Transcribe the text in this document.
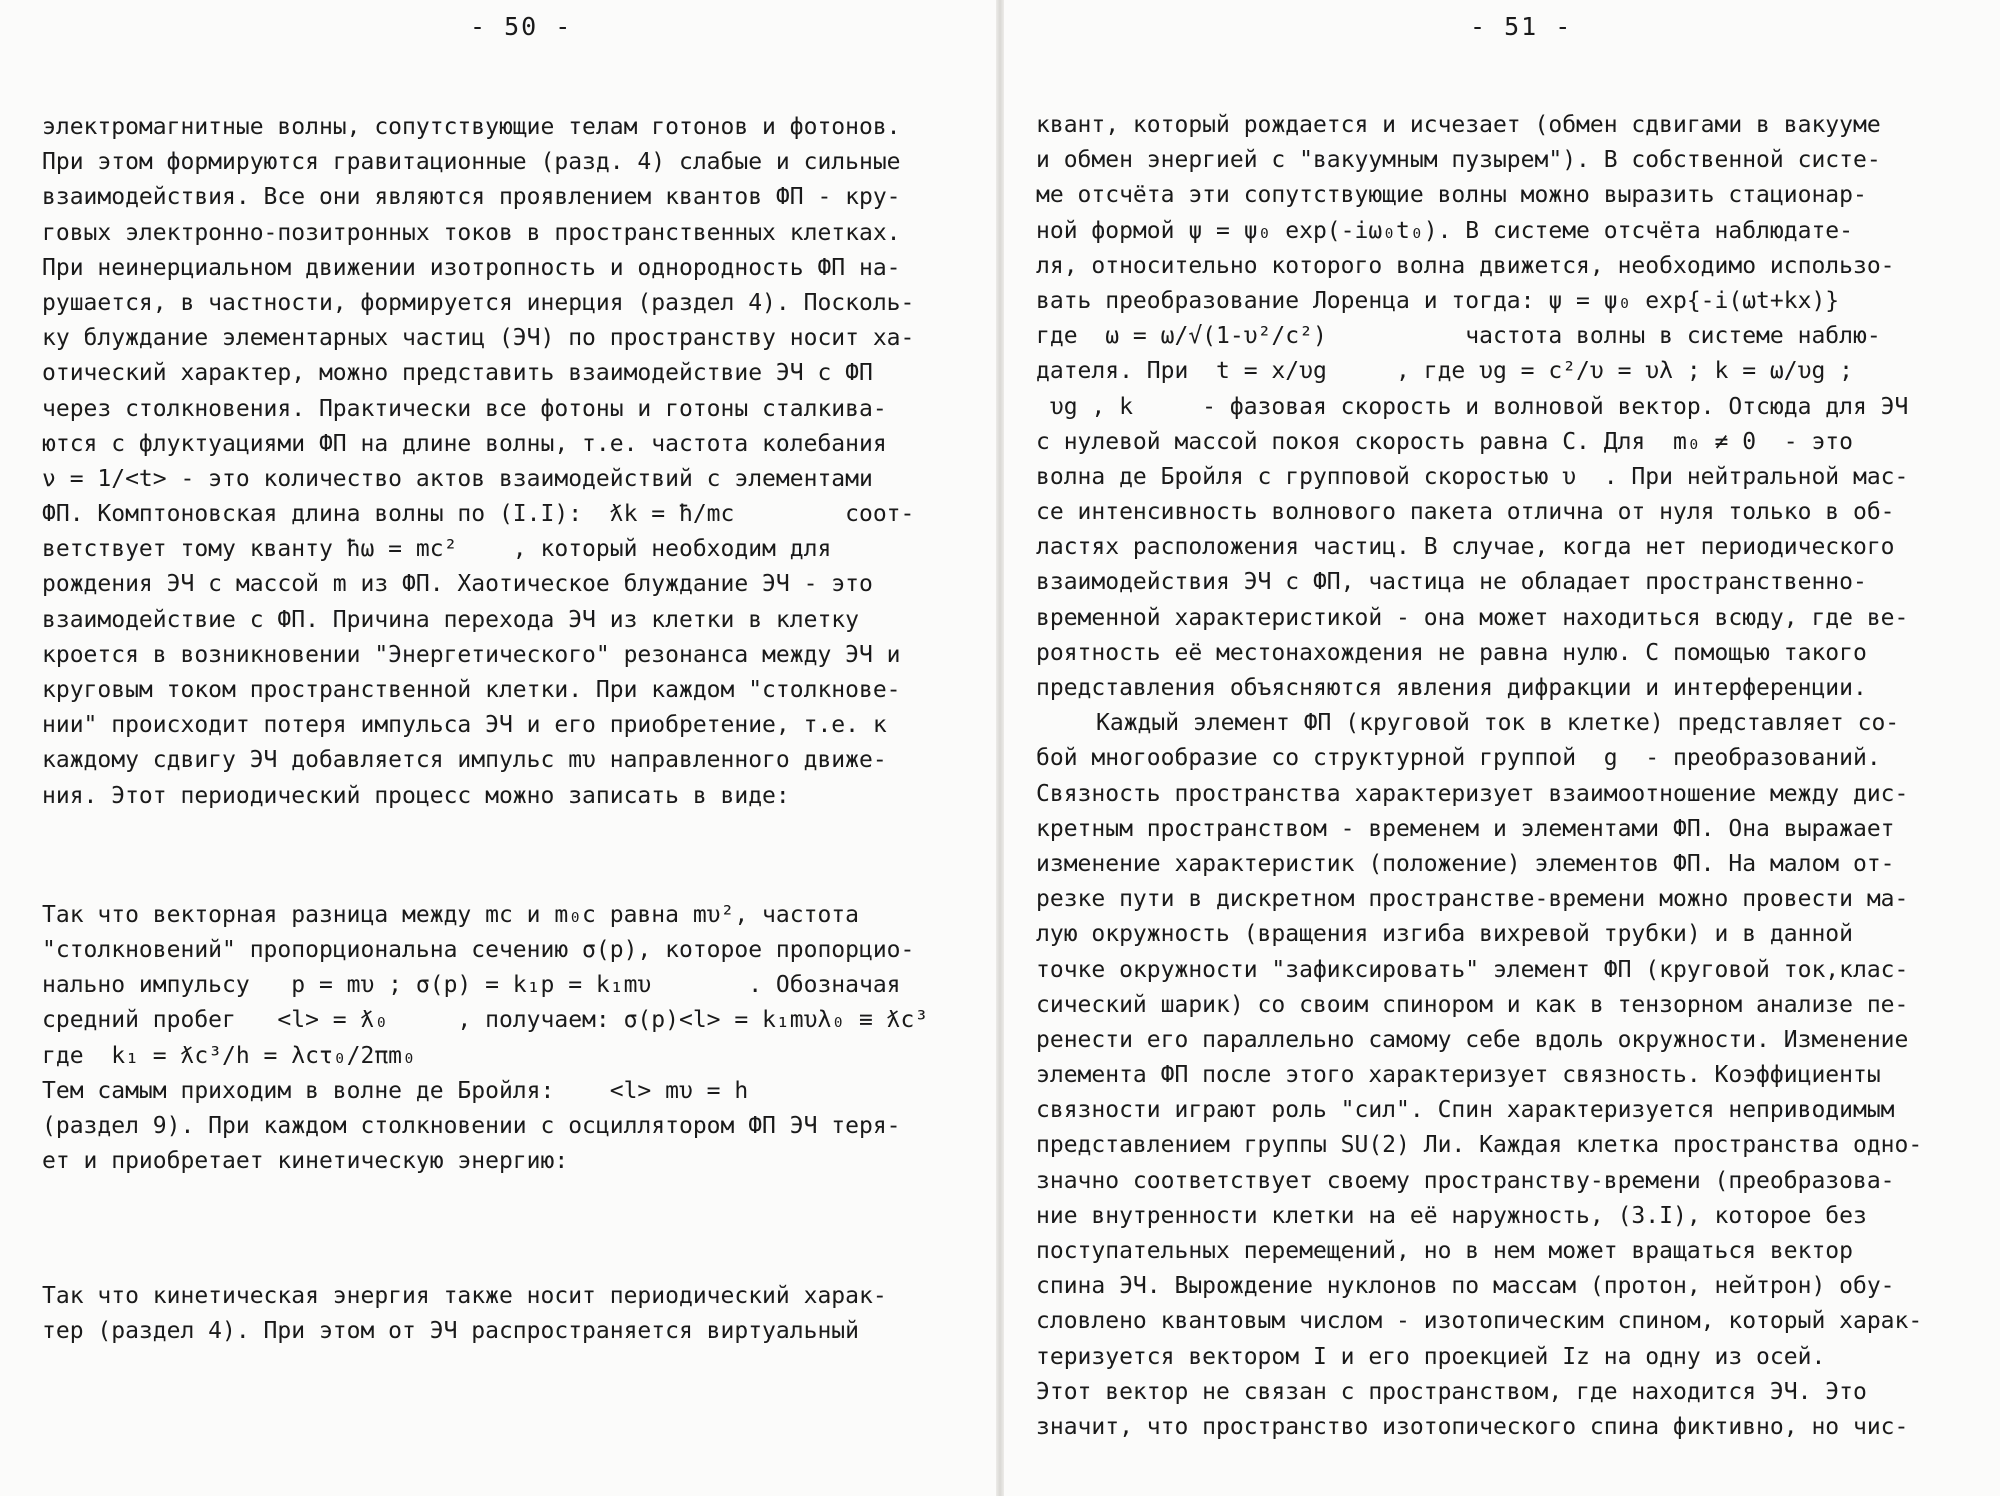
- 50 -
электромагнитные волны, сопутствующие телам готонов и фотонов.
При этом формируются гравитационные (разд. 4) слабые и сильные
взаимодействия. Все они являются проявлением квантов ФП - кру-
говых электронно-позитронных токов в пространственных клетках.
При неинерциальном движении изотропность и однородность ФП на-
рушается, в частности, формируется инерция (раздел 4). Посколь-
ку блуждание элементарных частиц (ЭЧ) по пространству носит ха-
отический характер, можно представить взаимодействие ЭЧ с ФП
через столкновения. Практически все фотоны и готоны сталкива-
ются с флуктуациями ФП на длине волны, т.е. частота колебания
ν = 1/<t> - это количество актов взаимодействий с элементами
ФП. Комптоновская длина волны по (I.I):  ƛk = ħ/mc        соот-
ветствует тому кванту ħω = mc²    , который необходим для
рождения ЭЧ с массой m из ФП. Хаотическое блуждание ЭЧ - это
взаимодействие с ФП. Причина перехода ЭЧ из клетки в клетку
кроется в возникновении "Энергетического" резонанса между ЭЧ и
круговым током пространственной клетки. При каждом "столкнове-
нии" происходит потеря импульса ЭЧ и его приобретение, т.е. к
каждому сдвигу ЭЧ добавляется импульс mυ направленного движе-
ния. Этот периодический процесс можно записать в виде:

Так что векторная разница между mc и m₀c равна mυ², частота
"столкновений" пропорциональна сечению σ(p), которое пропорцио-
нально импульсу   p = mυ ; σ(p) = k₁p = k₁mυ       . Обозначая
средний пробег   <l> = ƛ₀     , получаем: σ(p)<l> = k₁mυλ₀ ≡ ƛc³
где  k₁ = ƛc³/h = λcτ₀/2πm₀
Тем самым приходим в волне де Бройля:    <l> mυ = h
(раздел 9). При каждом столкновении с осциллятором ФП ЭЧ теря-
ет и приобретает кинетическую энергию:

Так что кинетическая энергия также носит периодический харак-
тер (раздел 4). При этом от ЭЧ распространяется виртуальный
- 51 -
квант, который рождается и исчезает (обмен сдвигами в вакууме
и обмен энергией с "вакуумным пузырем"). В собственной систе-
ме отсчёта эти сопутствующие волны можно выразить стационар-
ной формой ψ = ψ₀ exp(-iω₀t₀). В системе отсчёта наблюдате-
ля, относительно которого волна движется, необходимо использо-
вать преобразование Лоренца и тогда: ψ = ψ₀ exp{-i(ωt+kx)}
где  ω = ω/√(1-υ²/c²)          частота волны в системе наблю-
дателя. При  t = x/υg     , где υg = c²/υ = υλ ; k = ω/υg ;
υg , k     - фазовая скорость и волновой вектор. Отсюда для ЭЧ
с нулевой массой покоя скорость равна С. Для  m₀ ≠ 0  - это
волна де Бройля с групповой скоростью υ  . При нейтральной мас-
се интенсивность волнового пакета отлична от нуля только в об-
ластях расположения частиц. В случае, когда нет периодического
взаимодействия ЭЧ с ФП, частица не обладает пространственно-
временной характеристикой - она может находиться всюду, где ве-
роятность её местонахождения не равна нулю. С помощью такого
представления объясняются явления дифракции и интерференции.
Каждый элемент ФП (круговой ток в клетке) представляет со-
бой многообразие со структурной группой  g  - преобразований.
Связность пространства характеризует взаимоотношение между дис-
кретным пространством - временем и элементами ФП. Она выражает
изменение характеристик (положение) элементов ФП. На малом от-
резке пути в дискретном пространстве-времени можно провести ма-
лую окружность (вращения изгиба вихревой трубки) и в данной
точке окружности "зафиксировать" элемент ФП (круговой ток,клас-
сический шарик) со своим спинором и как в тензорном анализе пе-
ренести его параллельно самому себе вдоль окружности. Изменение
элемента ФП после этого характеризует связность. Коэффициенты
связности играют роль "сил". Спин характеризуется неприводимым
представлением группы SU(2) Ли. Каждая клетка пространства одно-
значно соответствует своему пространству-времени (преобразова-
ние внутренности клетки на её наружность, (3.I), которое без
поступательных перемещений, но в нем может вращаться вектор
спина ЭЧ. Вырождение нуклонов по массам (протон, нейтрон) обу-
словлено квантовым числом - изотопическим спином, который харак-
теризуется вектором I и его проекцией Iz на одну из осей.
Этот вектор не связан с пространством, где находится ЭЧ. Это
значит, что пространство изотопического спина фиктивно, но чис-
